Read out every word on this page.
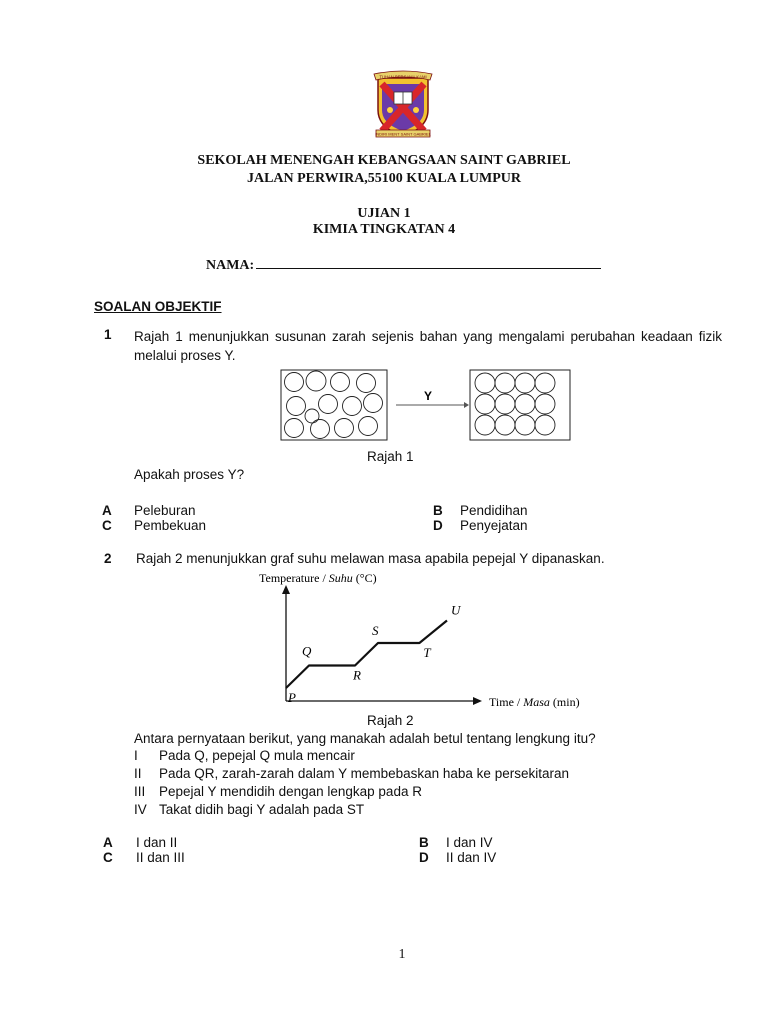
TUHAN BERSAMA KAMI
INDIRI MENT SAINT GABRIEL
SEKOLAH MENENGAH KEBANGSAAN SAINT GABRIEL
JALAN PERWIRA,55100 KUALA LUMPUR
UJIAN 1
KIMIA TINGKATAN 4
NAMA:
SOALAN OBJEKTIF
1 Rajah 1 menunjukkan susunan zarah sejenis bahan yang mengalami perubahan keadaan fizik melalui proses Y.
Y
Rajah 1
Apakah proses Y?
A Peleburan	B Pendidihan
C Pembekuan	D Penyejatan
2 Rajah 2 menunjukkan graf suhu melawan masa apabila pepejal Y dipanaskan.
Temperature / Suhu (°C)
Time / Masa (min)
P
Q
R
S
T
U
Rajah 2
Antara pernyataan berikut, yang manakah adalah betul tentang lengkung itu?
I Pada Q, pepejal Q mula mencair
II Pada QR, zarah-zarah dalam Y membebaskan haba ke persekitaran
III Pepejal Y mendidih dengan lengkap pada R
IV Takat didih bagi Y adalah pada ST
A I dan II	B I dan IV
C II dan III	D II dan IV
1
